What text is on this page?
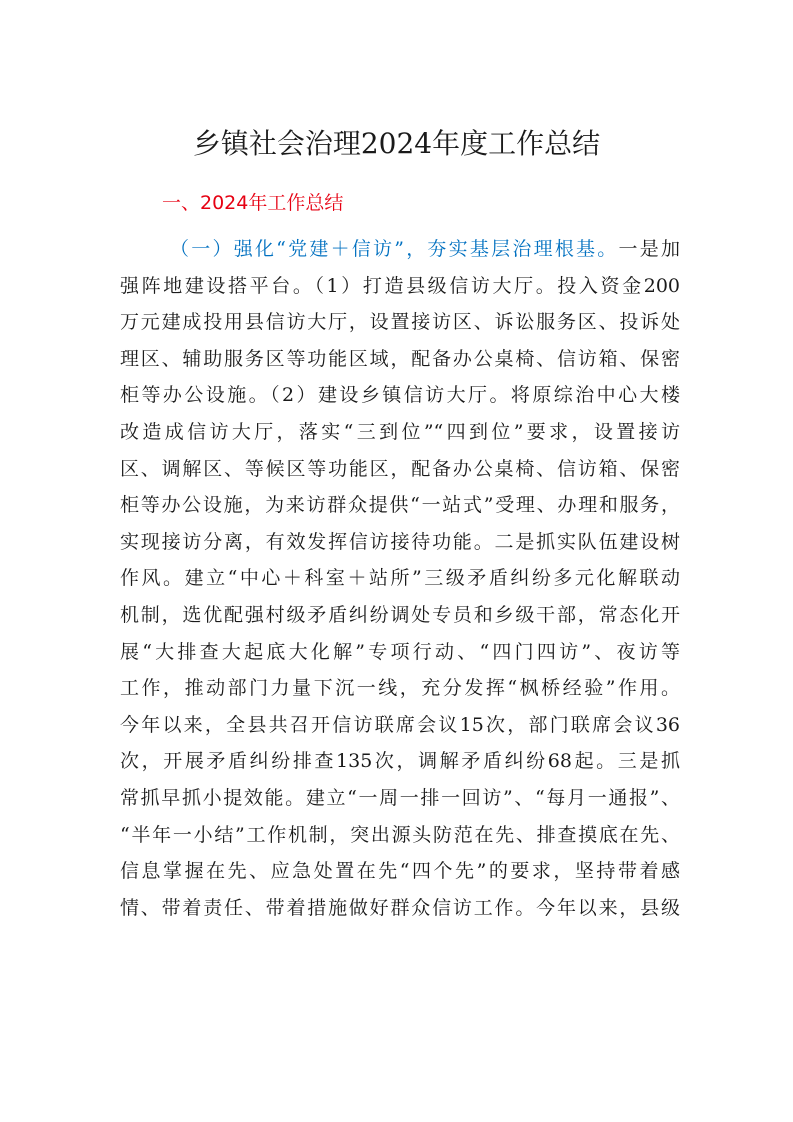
乡镇社会治理2024年度工作总结
一、2024年工作总结
（一）强化“党建＋信访”，夯实基层治理根基。一是加
强阵地建设搭平台。（1）打造县级信访大厅。投入资金200
万元建成投用县信访大厅，设置接访区、诉讼服务区、投诉处
理区、辅助服务区等功能区域，配备办公桌椅、信访箱、保密
柜等办公设施。（2）建设乡镇信访大厅。将原综治中心大楼
改造成信访大厅，落实“三到位”“四到位”要求，设置接访
区、调解区、等候区等功能区，配备办公桌椅、信访箱、保密
柜等办公设施，为来访群众提供“一站式”受理、办理和服务，
实现接访分离，有效发挥信访接待功能。二是抓实队伍建设树
作风。建立“中心＋科室＋站所”三级矛盾纠纷多元化解联动
机制，选优配强村级矛盾纠纷调处专员和乡级干部，常态化开
展“大排查大起底大化解”专项行动、“四门四访”、夜访等
工作，推动部门力量下沉一线，充分发挥“枫桥经验”作用。
今年以来，全县共召开信访联席会议15次，部门联席会议36
次，开展矛盾纠纷排查135次，调解矛盾纠纷68起。三是抓
常抓早抓小提效能。建立“一周一排一回访”、“每月一通报”、
“半年一小结”工作机制，突出源头防范在先、排查摸底在先、
信息掌握在先、应急处置在先“四个先”的要求，坚持带着感
情、带着责任、带着措施做好群众信访工作。今年以来，县级
